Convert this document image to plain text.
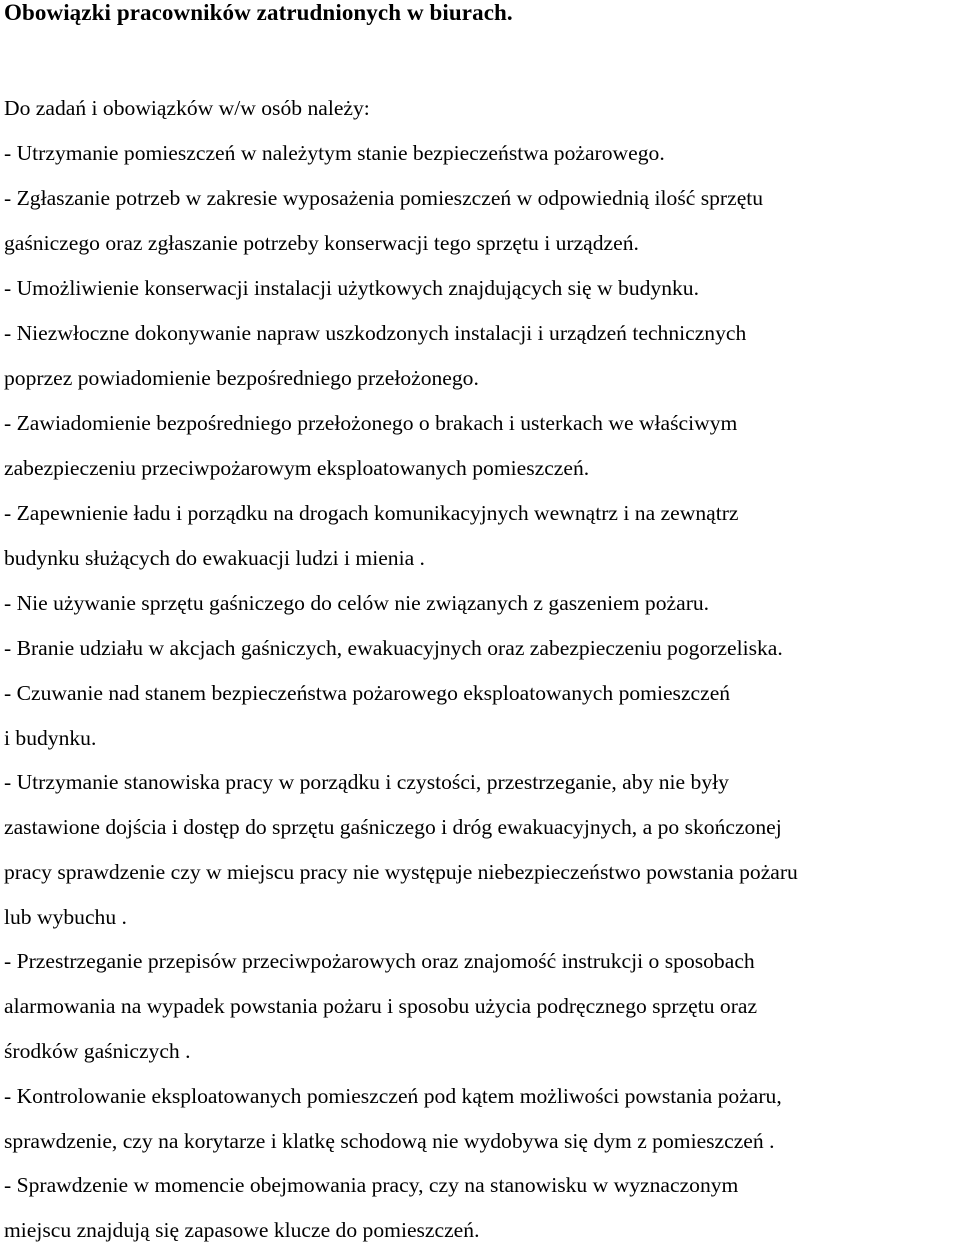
Obowiązki pracowników zatrudnionych w biurach.

Do zadań i obowiązków w/w osób należy:

- Utrzymanie pomieszczeń w należytym stanie bezpieczeństwa pożarowego.

- Zgłaszanie potrzeb w zakresie wyposażenia pomieszczeń w odpowiednią ilość sprzętu

gaśniczego oraz zgłaszanie potrzeby konserwacji tego sprzętu i urządzeń.

- Umożliwienie konserwacji instalacji użytkowych znajdujących się w budynku.

- Niezwłoczne dokonywanie napraw uszkodzonych instalacji i urządzeń technicznych

poprzez powiadomienie bezpośredniego przełożonego.

- Zawiadomienie bezpośredniego przełożonego o brakach i usterkach we właściwym

zabezpieczeniu przeciwpożarowym eksploatowanych pomieszczeń.

- Zapewnienie ładu i porządku na drogach komunikacyjnych wewnątrz i na zewnątrz

budynku służących do ewakuacji ludzi i mienia .

- Nie używanie sprzętu gaśniczego do celów nie związanych z gaszeniem pożaru.

- Branie udziału w akcjach gaśniczych, ewakuacyjnych oraz zabezpieczeniu pogorzeliska.

- Czuwanie nad stanem bezpieczeństwa pożarowego eksploatowanych pomieszczeń

i budynku.

- Utrzymanie stanowiska pracy w porządku i czystości, przestrzeganie, aby nie były

zastawione dojścia i dostęp do sprzętu gaśniczego i dróg ewakuacyjnych, a po skończonej

pracy sprawdzenie czy w miejscu pracy nie występuje niebezpieczeństwo powstania pożaru

lub wybuchu .

- Przestrzeganie przepisów przeciwpożarowych oraz znajomość instrukcji o sposobach

alarmowania na wypadek powstania pożaru i sposobu użycia podręcznego sprzętu oraz

środków gaśniczych .

- Kontrolowanie eksploatowanych pomieszczeń pod kątem możliwości powstania pożaru,

sprawdzenie, czy na korytarze i klatkę schodową nie wydobywa się dym z pomieszczeń .

- Sprawdzenie w momencie obejmowania pracy, czy na stanowisku w wyznaczonym

miejscu znajdują się zapasowe klucze do pomieszczeń.
